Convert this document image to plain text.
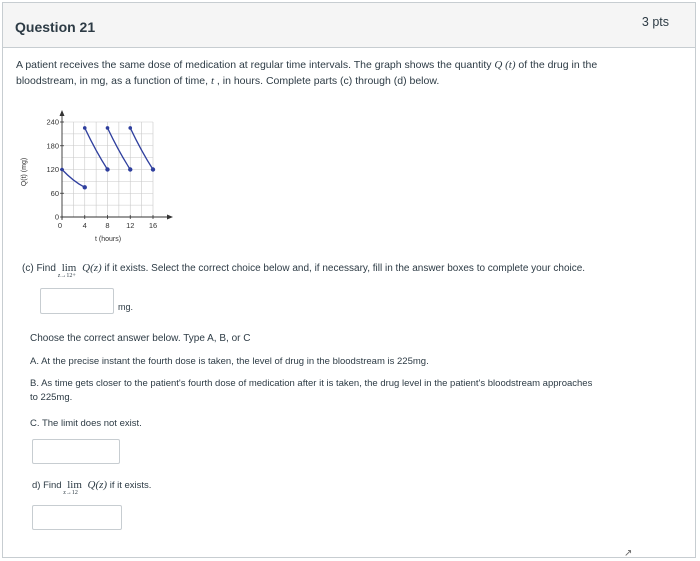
Question 21	3 pts
A patient receives the same dose of medication at regular time intervals. The graph shows the quantity Q (t) of the drug in the bloodstream, in mg, as a function of time, t , in hours. Complete parts (c) through (d) below.
0	4 8 12 16
0
60
120
180
240
Q(t) (mg)
t (hours)
(c) Find lim
z→12+
Q(z) if it exists. Select the correct choice below and, if necessary, fill in the answer boxes to complete your choice.
mg.
Choose the correct answer below. Type A, B, or C
A. At the precise instant the fourth dose is taken, the level of drug in the bloodstream is 225mg.
B. As time gets closer to the patient's fourth dose of medication after it is taken, the drug level in the patient's bloodstream approaches
to 225mg.
C. The limit does not exist.
d) Find lim
z→12
Q(z) if it exists.
↗
